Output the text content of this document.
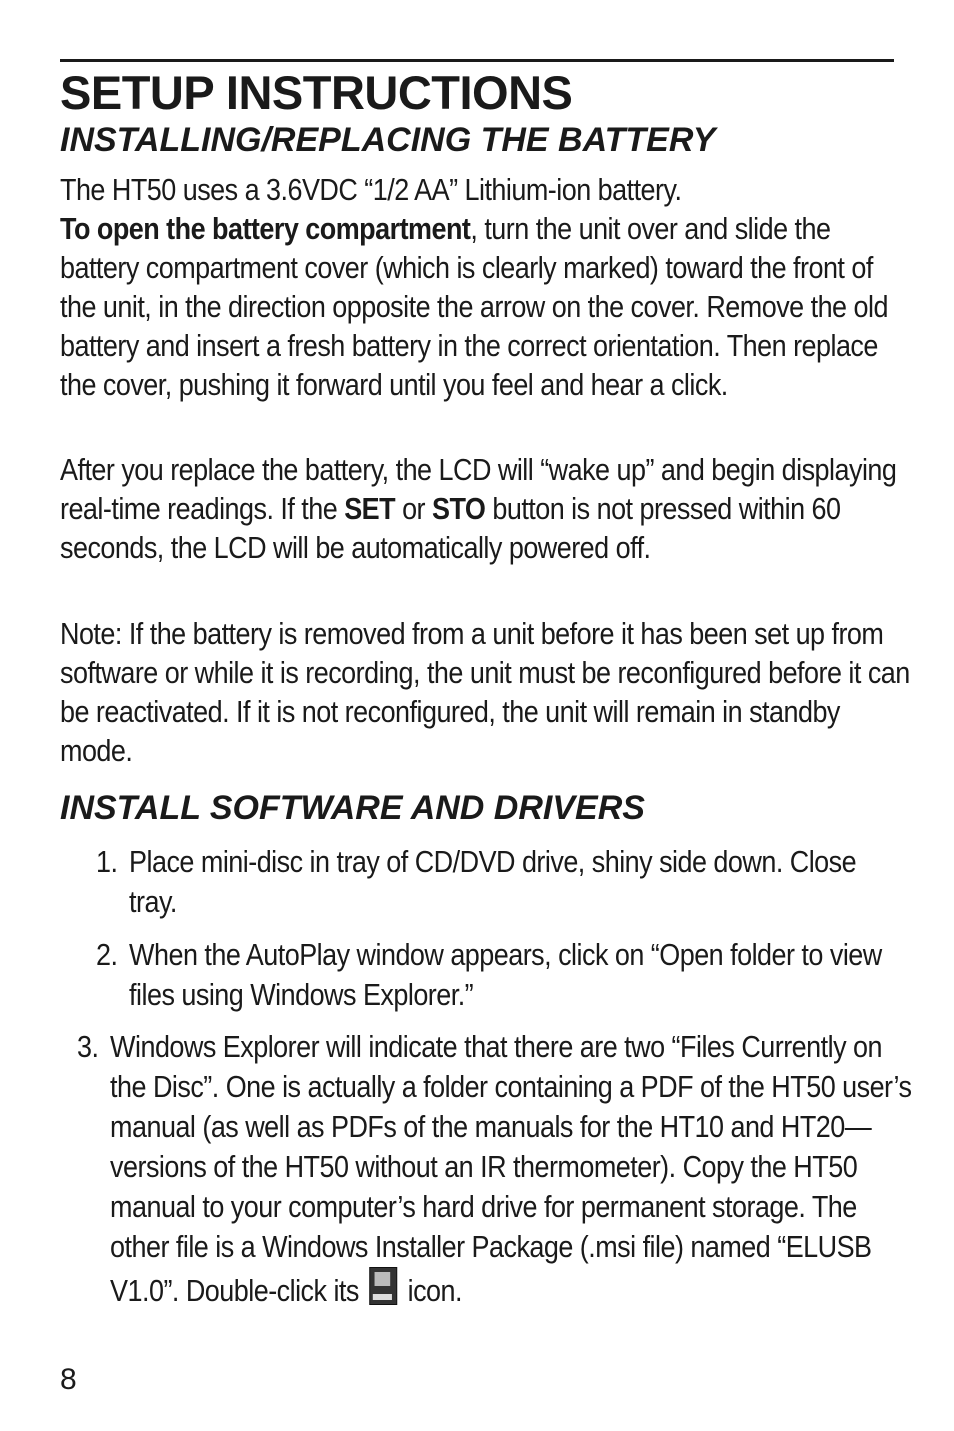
SETUP INSTRUCTIONS
INSTALLING/REPLACING THE BATTERY

The HT50 uses a 3.6VDC “1/2 AA” Lithium-ion battery.
To open the battery compartment, turn the unit over and slide the battery compartment cover (which is clearly marked) toward the front of the unit, in the direction opposite the arrow on the cover. Remove the old battery and insert a fresh battery in the correct orientation. Then replace the cover, pushing it forward until you feel and hear a click.

After you replace the battery, the LCD will “wake up” and begin displaying real-time readings. If the SET or STO button is not pressed within 60 seconds, the LCD will be automatically powered off.

Note: If the battery is removed from a unit before it has been set up from software or while it is recording, the unit must be reconfigured before it can be reactivated. If it is not reconfigured, the unit will remain in standby mode.

INSTALL SOFTWARE AND DRIVERS
1. Place mini-disc in tray of CD/DVD drive, shiny side down. Close tray.
2. When the AutoPlay window appears, click on “Open folder to view files using Windows Explorer.”
3. Windows Explorer will indicate that there are two “Files Currently on the Disc”. One is actually a folder containing a PDF of the HT50 user’s manual (as well as PDFs of the manuals for the HT10 and HT20—versions of the HT50 without an IR thermometer). Copy the HT50 manual to your computer’s hard drive for permanent storage. The other file is a Windows Installer Package (.msi file) named “ELUSB V1.0”. Double-click its  icon.
8
